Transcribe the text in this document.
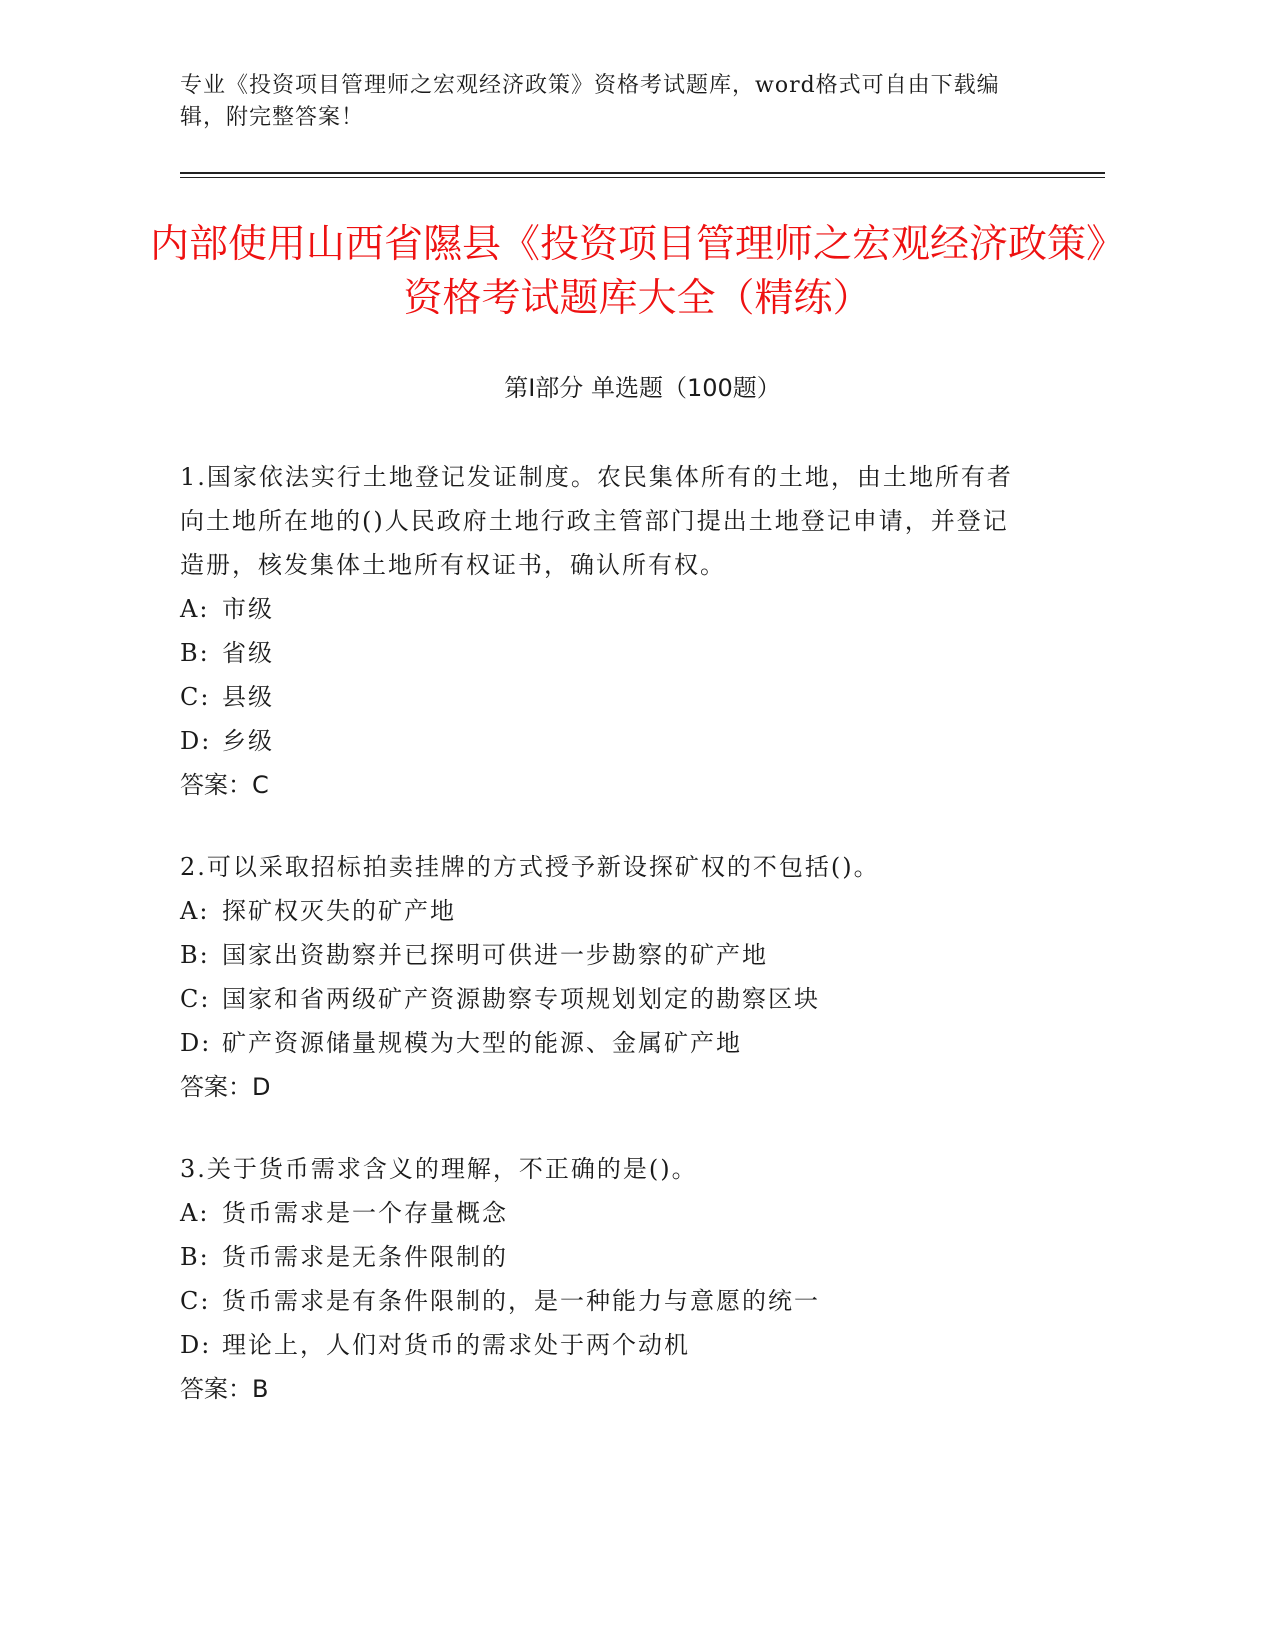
专业《投资项目管理师之宏观经济政策》资格考试题库，word格式可自由下载编辑，附完整答案！
内部使用山西省隰县《投资项目管理师之宏观经济政策》资格考试题库大全（精练）
第I部分 单选题（100题）
1.国家依法实行土地登记发证制度。农民集体所有的土地，由土地所有者向土地所在地的()人民政府土地行政主管部门提出土地登记申请，并登记造册，核发集体土地所有权证书，确认所有权。
A: 市级
B: 省级
C: 县级
D: 乡级
答案：C
2.可以采取招标拍卖挂牌的方式授予新设探矿权的不包括()。
A: 探矿权灭失的矿产地
B: 国家出资勘察并已探明可供进一步勘察的矿产地
C: 国家和省两级矿产资源勘察专项规划划定的勘察区块
D: 矿产资源储量规模为大型的能源、金属矿产地
答案：D
3.关于货币需求含义的理解，不正确的是()。
A: 货币需求是一个存量概念
B: 货币需求是无条件限制的
C: 货币需求是有条件限制的，是一种能力与意愿的统一
D: 理论上，人们对货币的需求处于两个动机
答案：B
